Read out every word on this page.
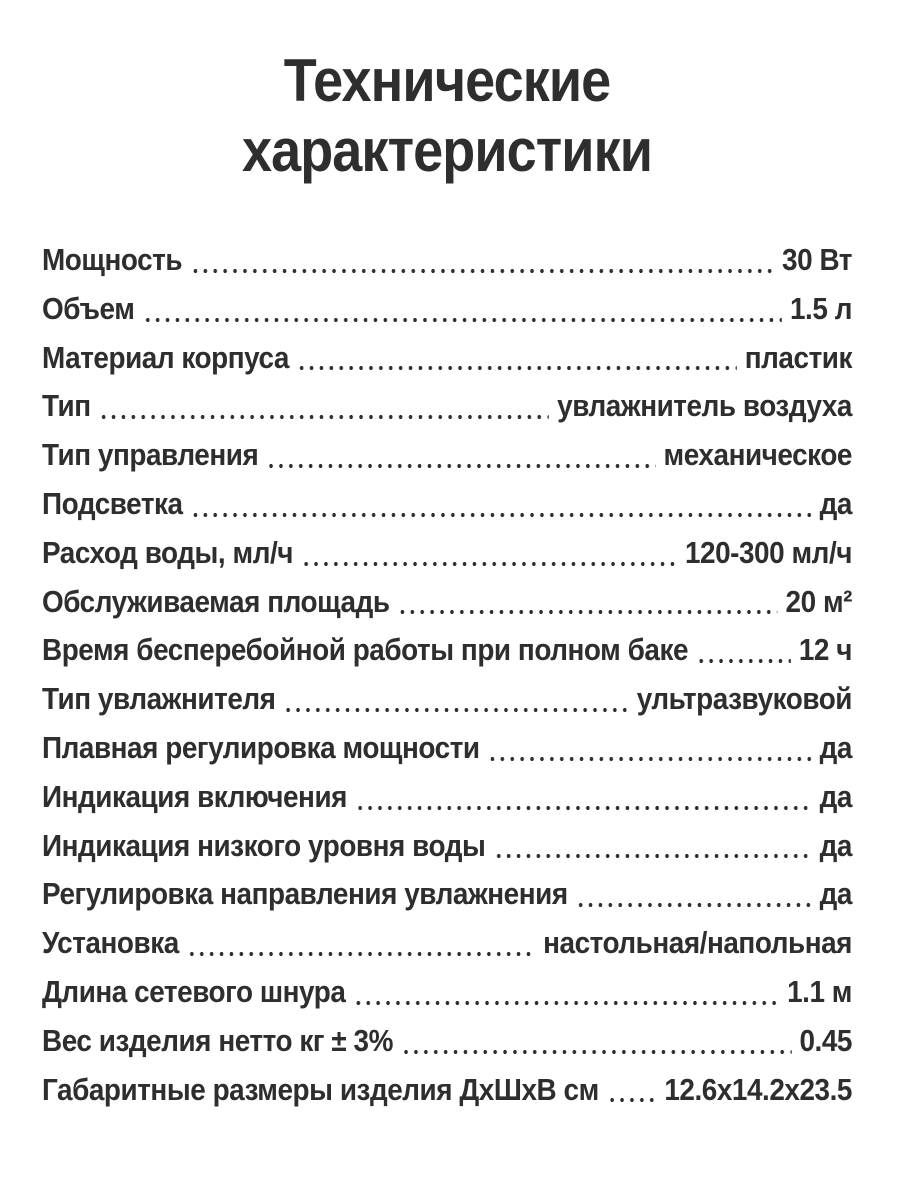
Технические
характеристики
Мощность	30 Вт
Объем	1.5 л
Материал корпуса	пластик
Тип	увлажнитель воздуха
Тип управления	механическое
Подсветка	да
Расход воды, мл/ч	120-300 мл/ч
Обслуживаемая площадь	20 м²
Время бесперебойной работы при полном баке	12 ч
Тип увлажнителя	ультразвуковой
Плавная регулировка мощности	да
Индикация включения	да
Индикация низкого уровня воды	да
Регулировка направления увлажнения	да
Установка	настольная/напольная
Длина сетевого шнура	1.1 м
Вес изделия нетто кг ± 3%	0.45
Габаритные размеры изделия ДхШхВ см 12.6х14.2х23.5
